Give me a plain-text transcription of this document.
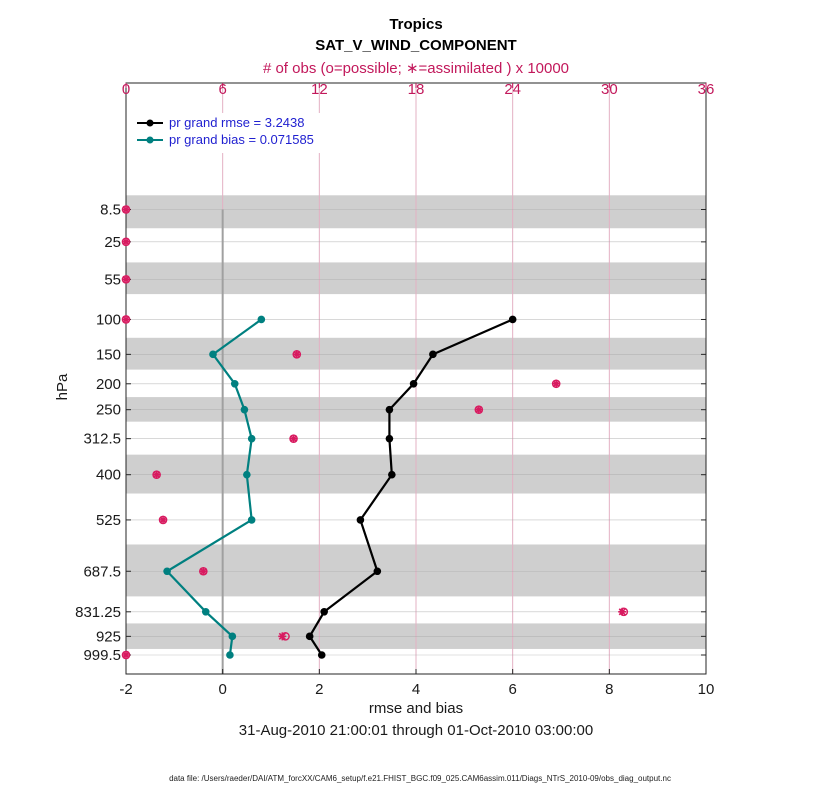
Tropics
SAT_V_WIND_COMPONENT
# of obs (o=possible; ∗=assimilated ) x 10000
-2	0	2	4	6	8	10
0	6	12	18	24	30	36
8.5
25
55
100
150
200
250
312.5
400
525
687.5
831.25
925
999.5
pr grand rmse = 3.2438
pr grand bias = 0.071585
rmse and bias
31-Aug-2010 21:00:01 through 01-Oct-2010 03:00:00
hPa
data file: /Users/raeder/DAI/ATM_forcXX/CAM6_setup/f.e21.FHIST_BGC.f09_025.CAM6assim.011/Diags_NTrS_2010-09/obs_diag_output.nc
